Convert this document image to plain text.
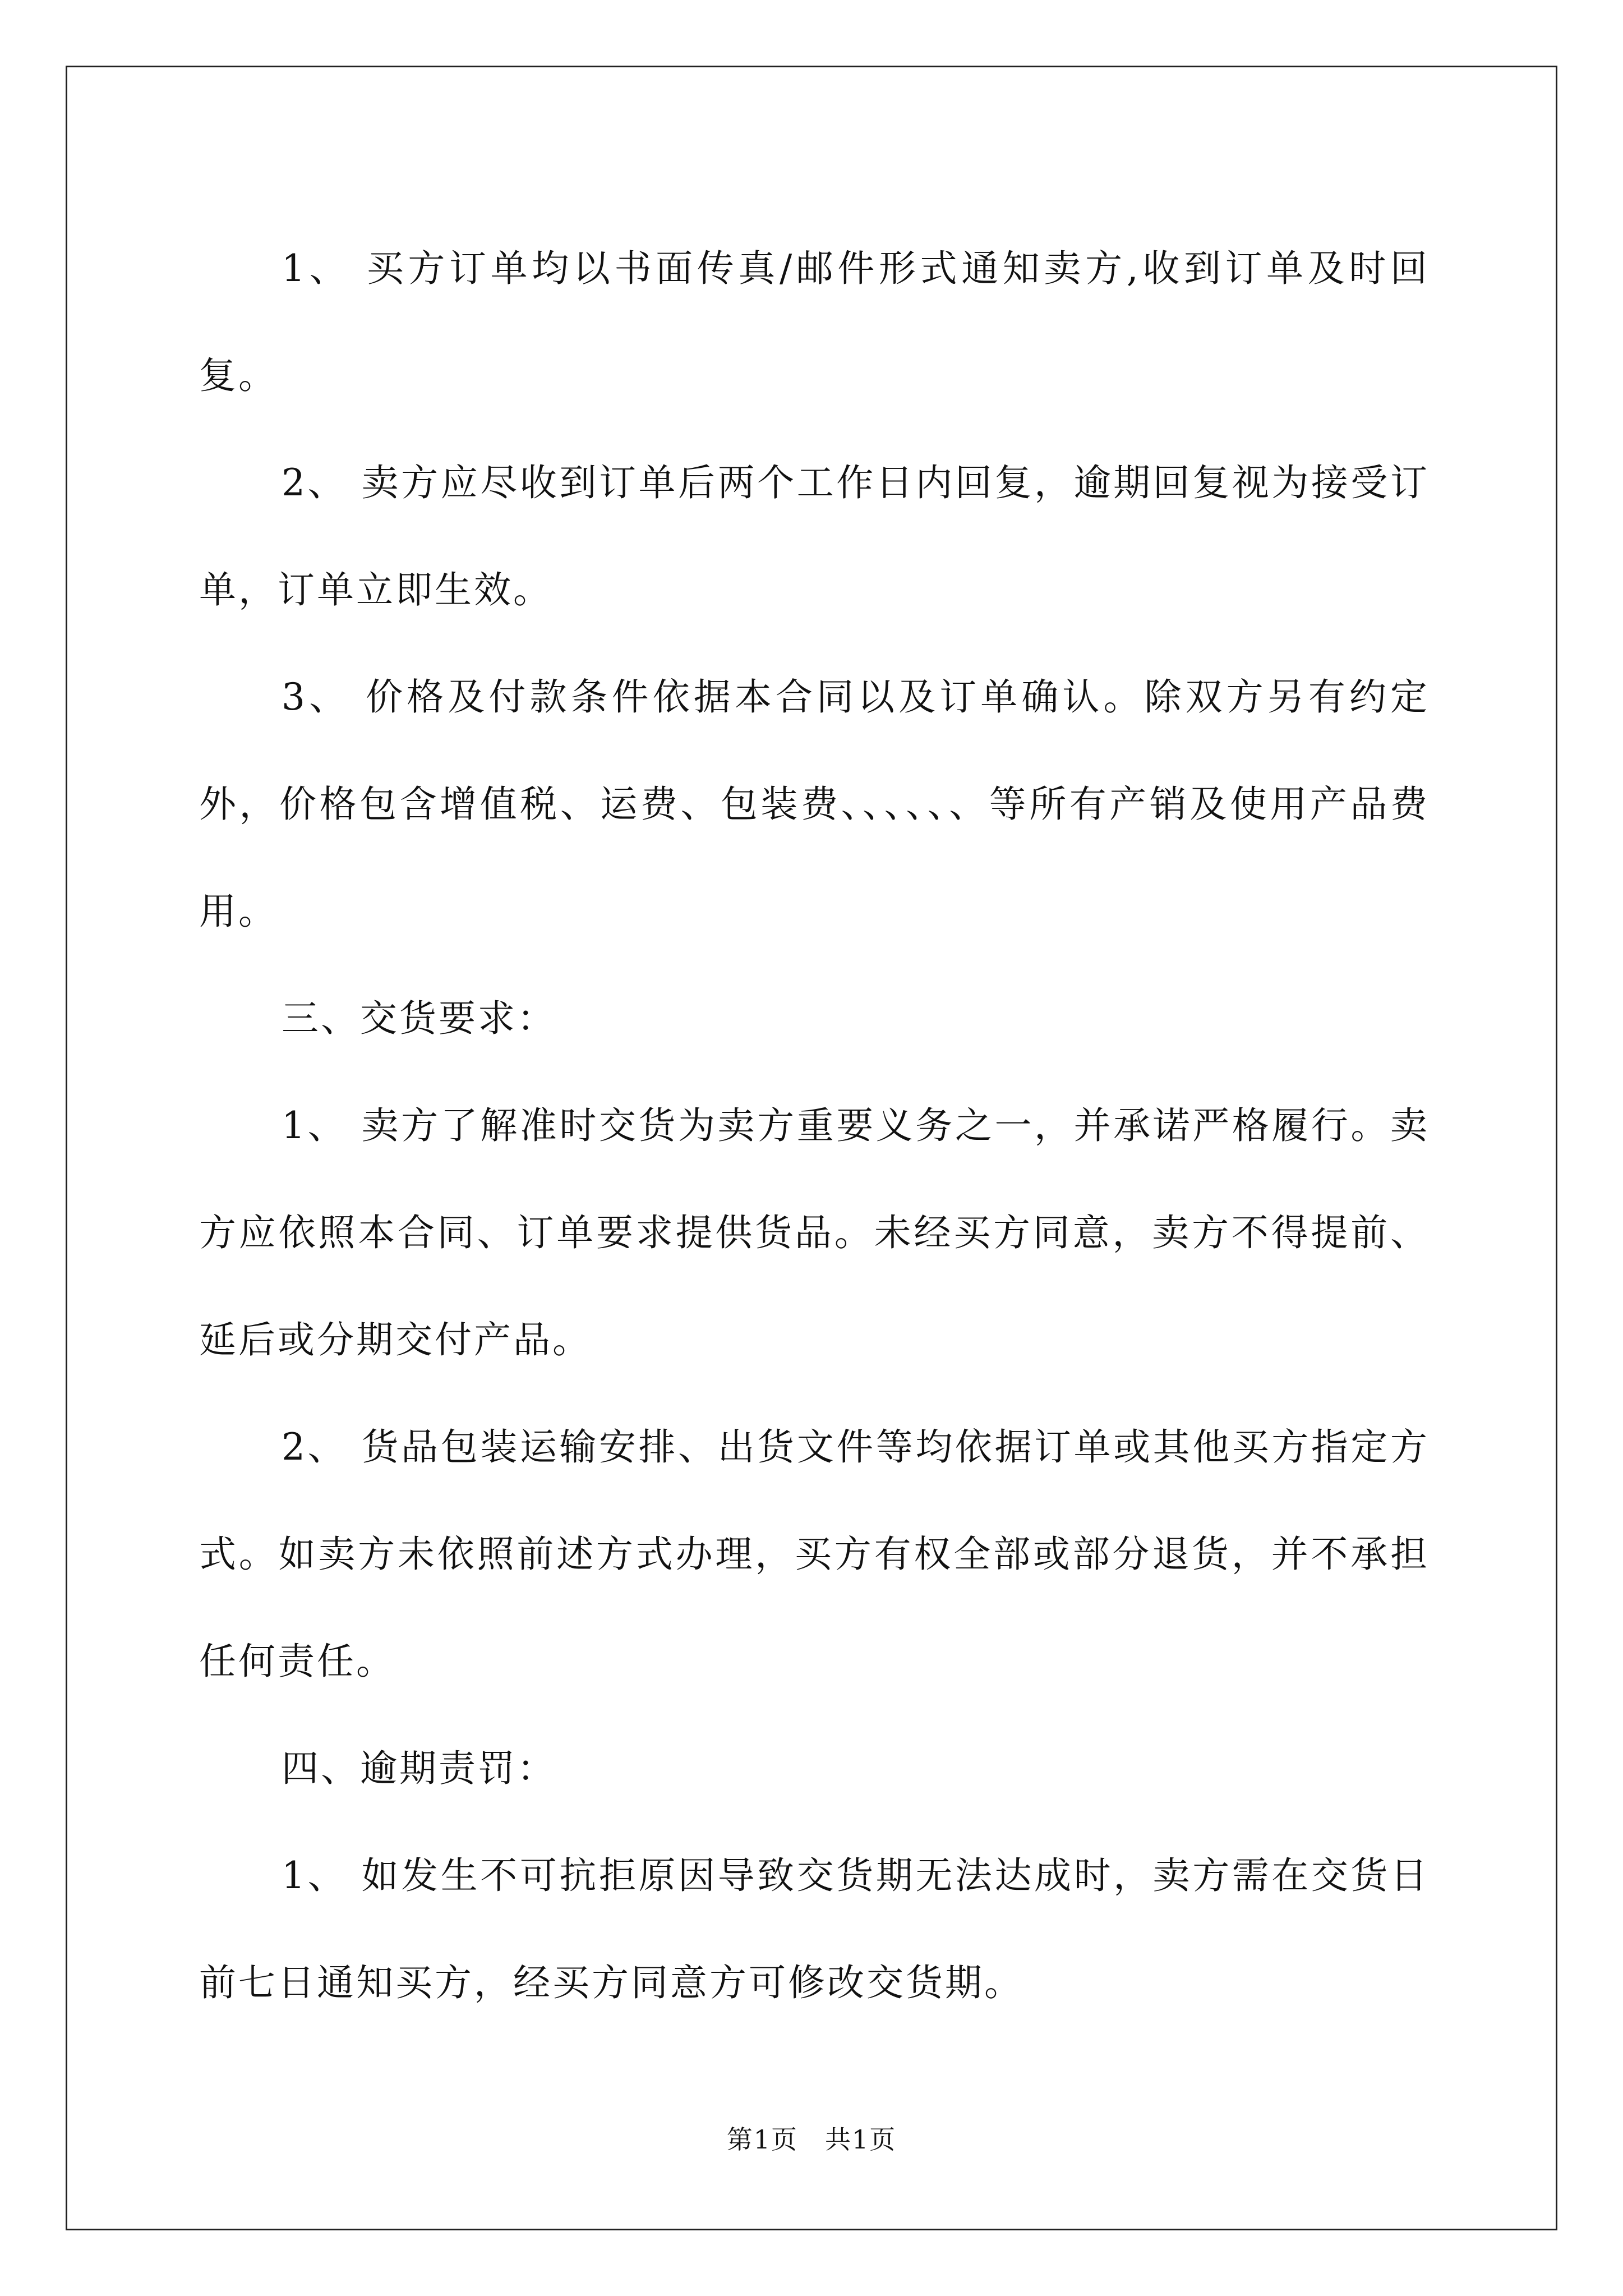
1、 买方订单均以书面传真/邮件形式通知卖方,收到订单及时回复。

2、 卖方应尽收到订单后两个工作日内回复，逾期回复视为接受订单，订单立即生效。

3、 价格及付款条件依据本合同以及订单确认。除双方另有约定外，价格包含增值税、运费、包装费、、、、、、等所有产销及使用产品费用。

三、交货要求：

1、 卖方了解准时交货为卖方重要义务之一，并承诺严格履行。卖方应依照本合同、订单要求提供货品。未经买方同意，卖方不得提前、延后或分期交付产品。

2、 货品包装运输安排、出货文件等均依据订单或其他买方指定方式。如卖方未依照前述方式办理，买方有权全部或部分退货，并不承担任何责任。

四、逾期责罚：

1、 如发生不可抗拒原因导致交货期无法达成时，卖方需在交货日前七日通知买方，经买方同意方可修改交货期。

第1页　共1页
